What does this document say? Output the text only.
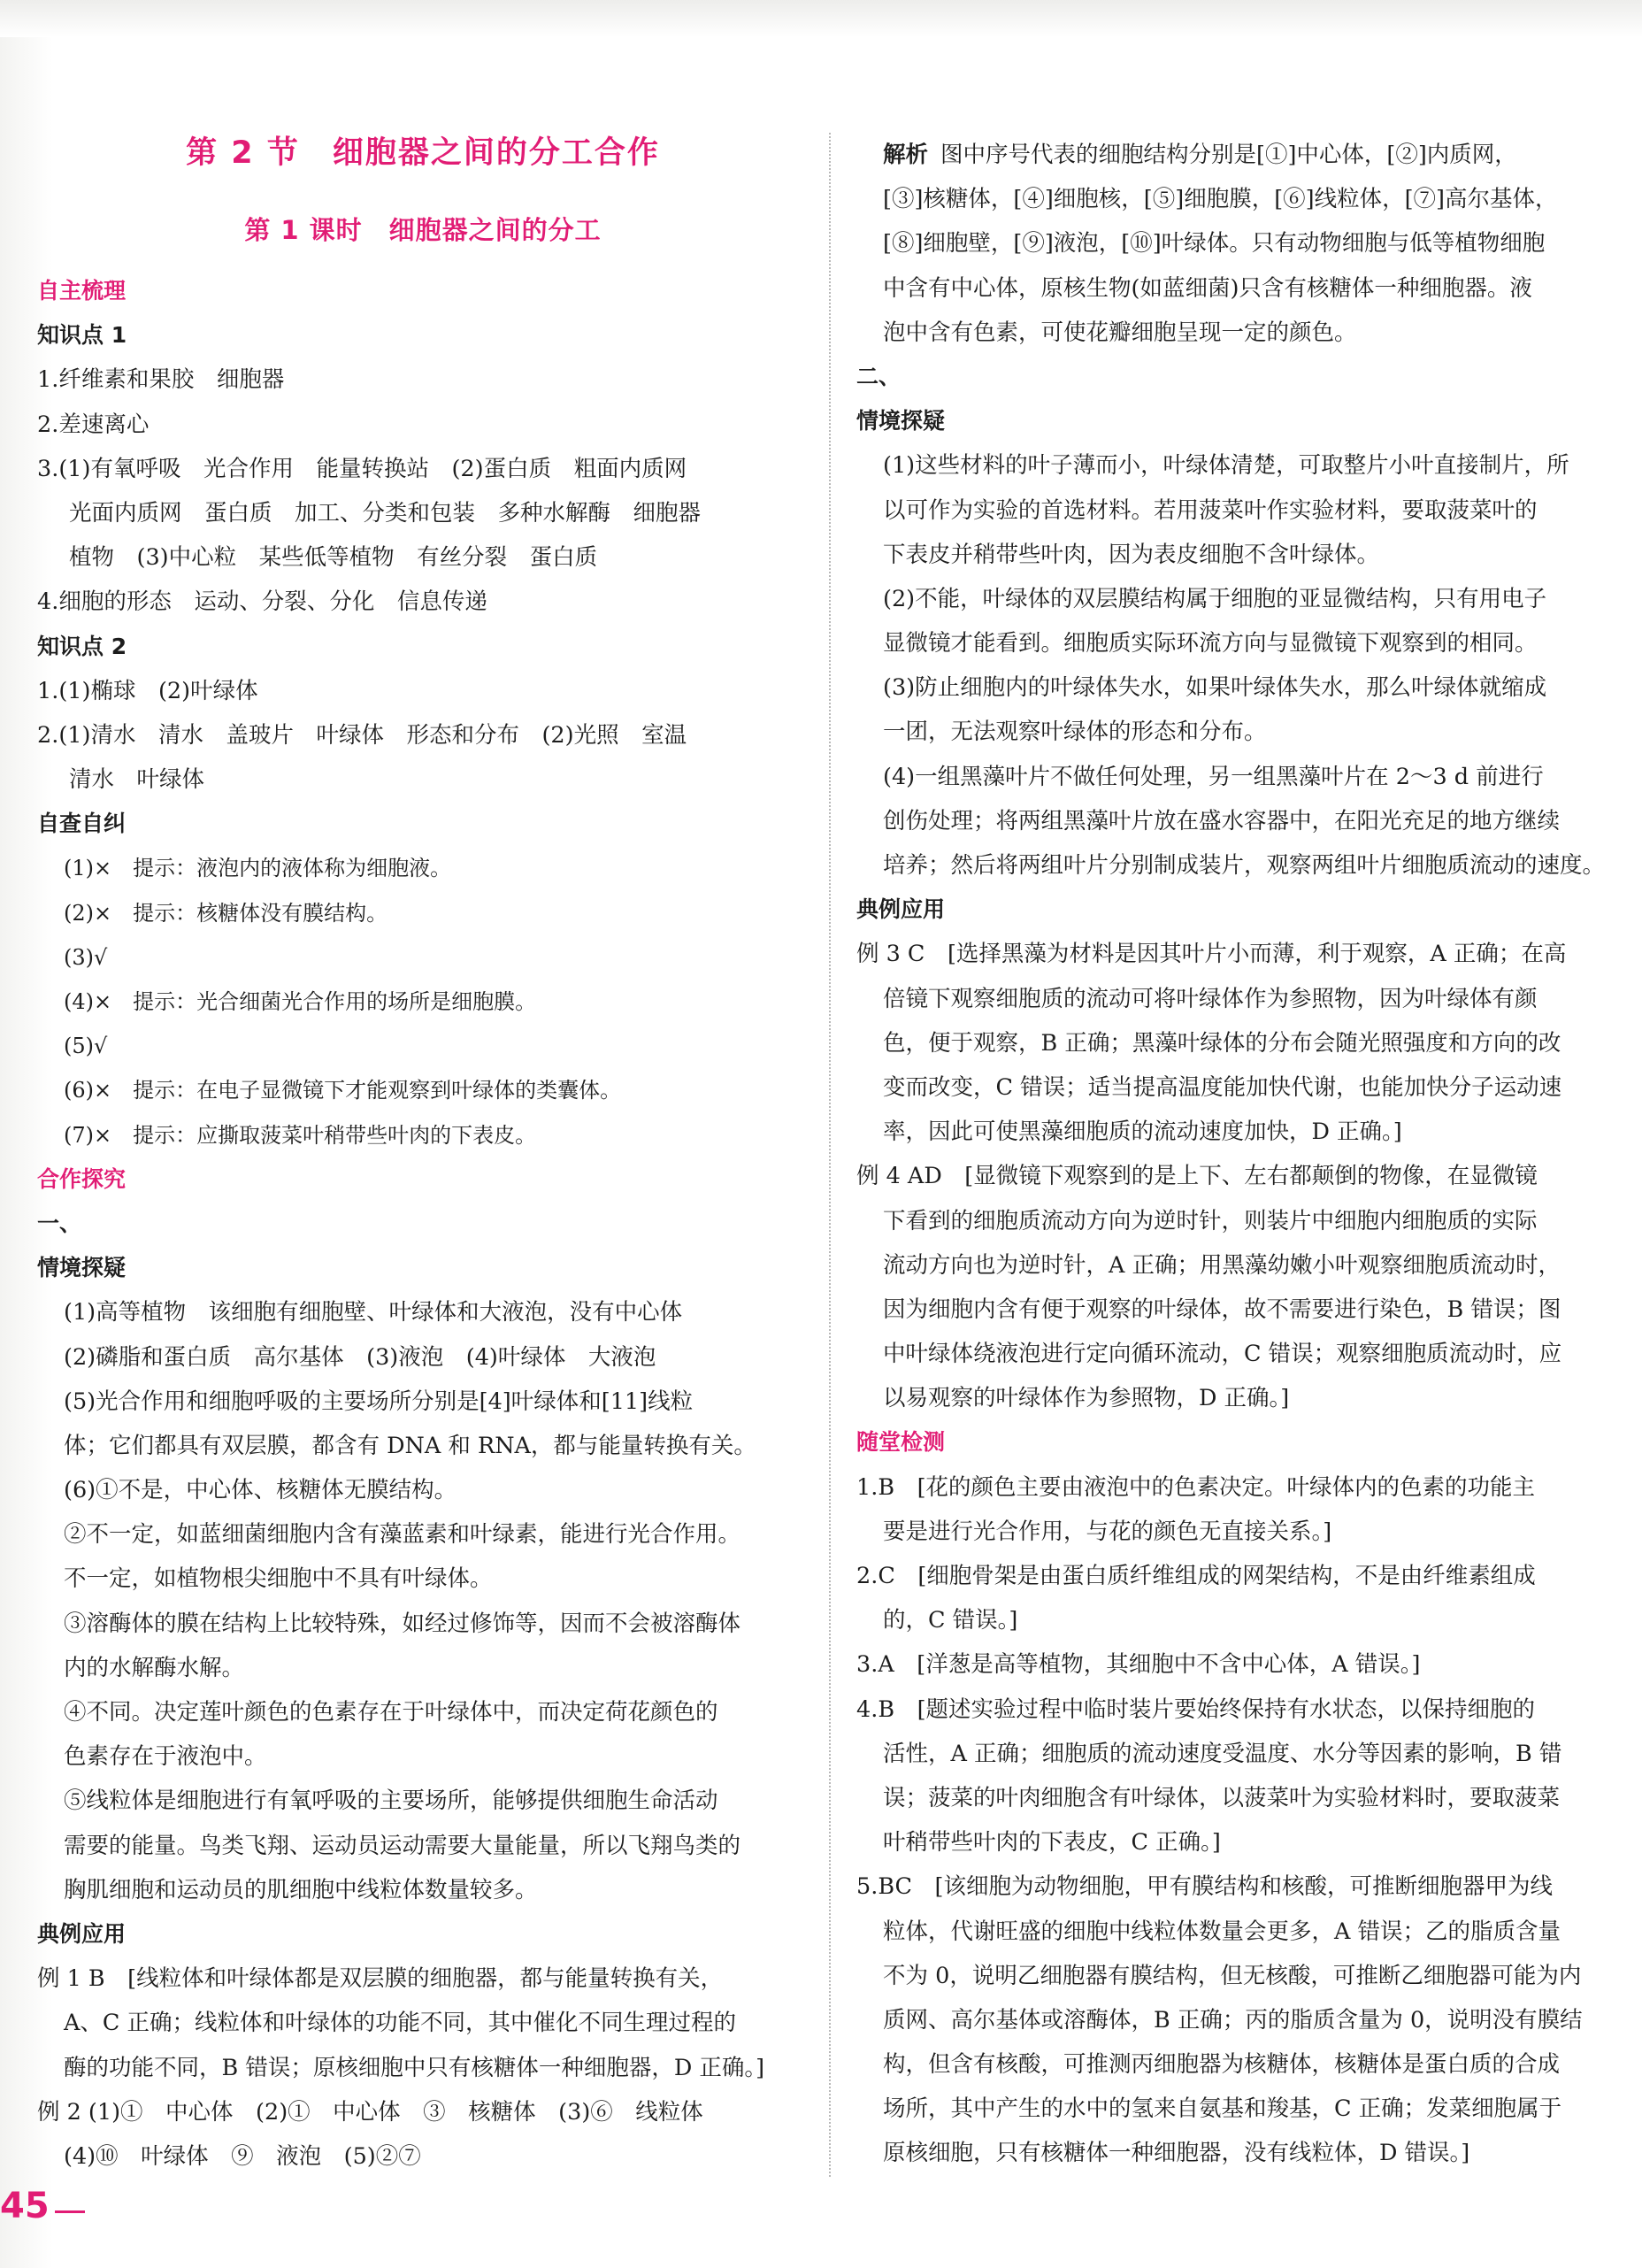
第 2 节　细胞器之间的分工合作
第 1 课时　细胞器之间的分工
自主梳理
知识点 1
1.纤维素和果胶　细胞器
2.差速离心
3.(1)有氧呼吸　光合作用　能量转换站　(2)蛋白质　粗面内质网
光面内质网　蛋白质　加工、分类和包装　多种水解酶　细胞器
植物　(3)中心粒　某些低等植物　有丝分裂　蛋白质
4.细胞的形态　运动、分裂、分化　信息传递
知识点 2
1.(1)椭球　(2)叶绿体
2.(1)清水　清水　盖玻片　叶绿体　形态和分布　(2)光照　室温
清水　叶绿体
自查自纠
(1)×　提示：液泡内的液体称为细胞液。
(2)×　提示：核糖体没有膜结构。
(3)√
(4)×　提示：光合细菌光合作用的场所是细胞膜。
(5)√
(6)×　提示：在电子显微镜下才能观察到叶绿体的类囊体。
(7)×　提示：应撕取菠菜叶稍带些叶肉的下表皮。
合作探究
一、
情境探疑
(1)高等植物　该细胞有细胞壁、叶绿体和大液泡，没有中心体
(2)磷脂和蛋白质　高尔基体　(3)液泡　(4)叶绿体　大液泡
(5)光合作用和细胞呼吸的主要场所分别是[4]叶绿体和[11]线粒
体；它们都具有双层膜，都含有 DNA 和 RNA，都与能量转换有关。
(6)①不是，中心体、核糖体无膜结构。
②不一定，如蓝细菌细胞内含有藻蓝素和叶绿素，能进行光合作用。
不一定，如植物根尖细胞中不具有叶绿体。
③溶酶体的膜在结构上比较特殊，如经过修饰等，因而不会被溶酶体
内的水解酶水解。
④不同。决定莲叶颜色的色素存在于叶绿体中，而决定荷花颜色的
色素存在于液泡中。
⑤线粒体是细胞进行有氧呼吸的主要场所，能够提供细胞生命活动
需要的能量。鸟类飞翔、运动员运动需要大量能量，所以飞翔鸟类的
胸肌细胞和运动员的肌细胞中线粒体数量较多。
典例应用
例 1 B　[线粒体和叶绿体都是双层膜的细胞器，都与能量转换有关，
A、C 正确；线粒体和叶绿体的功能不同，其中催化不同生理过程的
酶的功能不同，B 错误；原核细胞中只有核糖体一种细胞器，D 正确。]
例 2 (1)①　中心体　(2)①　中心体　③　核糖体　(3)⑥　线粒体
(4)⑩　叶绿体　⑨　液泡　(5)②⑦
解析 图中序号代表的细胞结构分别是[①]中心体，[②]内质网，
[③]核糖体，[④]细胞核，[⑤]细胞膜，[⑥]线粒体，[⑦]高尔基体，
[⑧]细胞壁，[⑨]液泡，[⑩]叶绿体。只有动物细胞与低等植物细胞
中含有中心体，原核生物(如蓝细菌)只含有核糖体一种细胞器。液
泡中含有色素，可使花瓣细胞呈现一定的颜色。
二、
情境探疑
(1)这些材料的叶子薄而小，叶绿体清楚，可取整片小叶直接制片，所
以可作为实验的首选材料。若用菠菜叶作实验材料，要取菠菜叶的
下表皮并稍带些叶肉，因为表皮细胞不含叶绿体。
(2)不能，叶绿体的双层膜结构属于细胞的亚显微结构，只有用电子
显微镜才能看到。细胞质实际环流方向与显微镜下观察到的相同。
(3)防止细胞内的叶绿体失水，如果叶绿体失水，那么叶绿体就缩成
一团，无法观察叶绿体的形态和分布。
(4)一组黑藻叶片不做任何处理，另一组黑藻叶片在 2～3 d 前进行
创伤处理；将两组黑藻叶片放在盛水容器中，在阳光充足的地方继续
培养；然后将两组叶片分别制成装片，观察两组叶片细胞质流动的速度。
典例应用
例 3 C　[选择黑藻为材料是因其叶片小而薄，利于观察，A 正确；在高
倍镜下观察细胞质的流动可将叶绿体作为参照物，因为叶绿体有颜
色，便于观察，B 正确；黑藻叶绿体的分布会随光照强度和方向的改
变而改变，C 错误；适当提高温度能加快代谢，也能加快分子运动速
率，因此可使黑藻细胞质的流动速度加快，D 正确。]
例 4 AD　[显微镜下观察到的是上下、左右都颠倒的物像，在显微镜
下看到的细胞质流动方向为逆时针，则装片中细胞内细胞质的实际
流动方向也为逆时针，A 正确；用黑藻幼嫩小叶观察细胞质流动时，
因为细胞内含有便于观察的叶绿体，故不需要进行染色，B 错误；图
中叶绿体绕液泡进行定向循环流动，C 错误；观察细胞质流动时，应
以易观察的叶绿体作为参照物，D 正确。]
随堂检测
1.B　[花的颜色主要由液泡中的色素决定。叶绿体内的色素的功能主
要是进行光合作用，与花的颜色无直接关系。]
2.C　[细胞骨架是由蛋白质纤维组成的网架结构，不是由纤维素组成
的，C 错误。]
3.A　[洋葱是高等植物，其细胞中不含中心体，A 错误。]
4.B　[题述实验过程中临时装片要始终保持有水状态，以保持细胞的
活性，A 正确；细胞质的流动速度受温度、水分等因素的影响，B 错
误；菠菜的叶肉细胞含有叶绿体，以菠菜叶为实验材料时，要取菠菜
叶稍带些叶肉的下表皮，C 正确。]
5.BC　[该细胞为动物细胞，甲有膜结构和核酸，可推断细胞器甲为线
粒体，代谢旺盛的细胞中线粒体数量会更多，A 错误；乙的脂质含量
不为 0，说明乙细胞器有膜结构，但无核酸，可推断乙细胞器可能为内
质网、高尔基体或溶酶体，B 正确；丙的脂质含量为 0，说明没有膜结
构，但含有核酸，可推测丙细胞器为核糖体，核糖体是蛋白质的合成
场所，其中产生的水中的氢来自氨基和羧基，C 正确；发菜细胞属于
原核细胞，只有核糖体一种细胞器，没有线粒体，D 错误。]
45
